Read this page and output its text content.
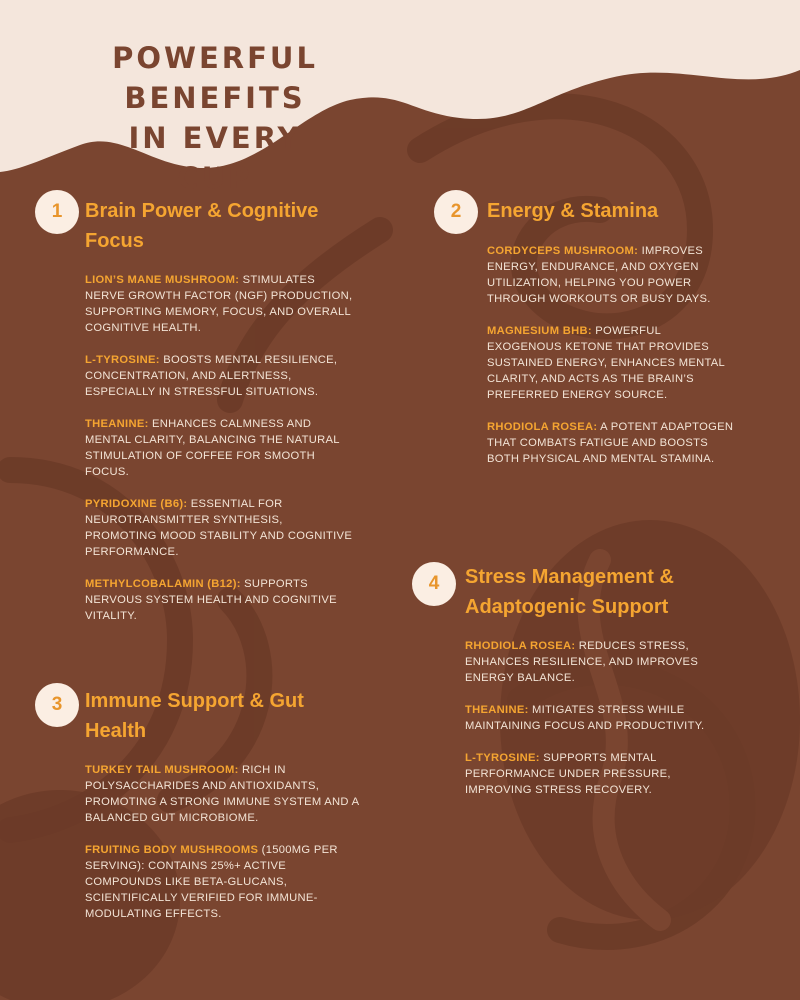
POWERFUL BENEFITS
IN EVERY
CUP
1	Brain Power & Cognitive Focus

LION’S MANE MUSHROOM: STIMULATES NERVE GROWTH FACTOR (NGF) PRODUCTION, SUPPORTING MEMORY, FOCUS, AND OVERALL COGNITIVE HEALTH.

L-TYROSINE: BOOSTS MENTAL RESILIENCE, CONCENTRATION, AND ALERTNESS, ESPECIALLY IN STRESSFUL SITUATIONS.

THEANINE: ENHANCES CALMNESS AND MENTAL CLARITY, BALANCING THE NATURAL STIMULATION OF COFFEE FOR SMOOTH FOCUS.

PYRIDOXINE (B6): ESSENTIAL FOR NEUROTRANSMITTER SYNTHESIS, PROMOTING MOOD STABILITY AND COGNITIVE PERFORMANCE.

METHYLCOBALAMIN (B12): SUPPORTS NERVOUS SYSTEM HEALTH AND COGNITIVE VITALITY.

2	Energy & Stamina

CORDYCEPS MUSHROOM: IMPROVES ENERGY, ENDURANCE, AND OXYGEN UTILIZATION, HELPING YOU POWER THROUGH WORKOUTS OR BUSY DAYS.

MAGNESIUM BHB: POWERFUL EXOGENOUS KETONE THAT PROVIDES SUSTAINED ENERGY, ENHANCES MENTAL CLARITY, AND ACTS AS THE BRAIN’S PREFERRED ENERGY SOURCE.

RHODIOLA ROSEA: A POTENT ADAPTOGEN THAT COMBATS FATIGUE AND BOOSTS BOTH PHYSICAL AND MENTAL STAMINA.

3	Immune Support & Gut Health

TURKEY TAIL MUSHROOM: RICH IN POLYSACCHARIDES AND ANTIOXIDANTS, PROMOTING A STRONG IMMUNE SYSTEM AND A BALANCED GUT MICROBIOME.

FRUITING BODY MUSHROOMS (1500MG PER SERVING): CONTAINS 25%+ ACTIVE COMPOUNDS LIKE BETA-GLUCANS, SCIENTIFICALLY VERIFIED FOR IMMUNE-MODULATING EFFECTS.

4	Stress Management & Adaptogenic Support

RHODIOLA ROSEA: REDUCES STRESS, ENHANCES RESILIENCE, AND IMPROVES ENERGY BALANCE.

THEANINE: MITIGATES STRESS WHILE MAINTAINING FOCUS AND PRODUCTIVITY.

L-TYROSINE: SUPPORTS MENTAL PERFORMANCE UNDER PRESSURE, IMPROVING STRESS RECOVERY.
